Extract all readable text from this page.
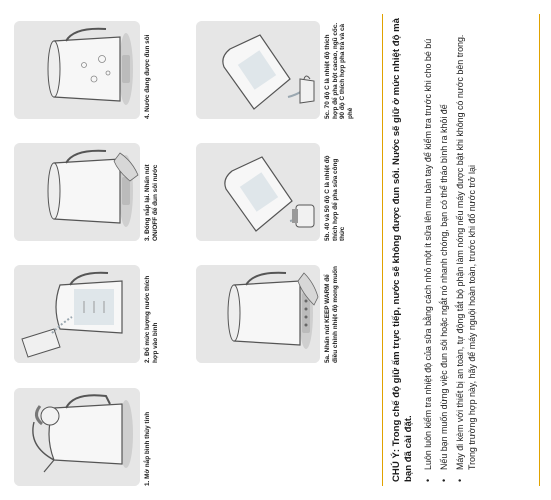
1. Mở nắp bình thủy tinh
2. Đổ mức lượng nước thích hợp vào bình
3. Đóng nắp lại. Nhấn nút ON/OFF để đun sôi nước
4. Nước đang được đun sôi
5a. Nhấn nút KEEP WARM để điều chỉnh nhiệt độ mong muốn
5b. 40 và 50 độ C là nhiệt độ thích hợp để pha sữa công thức
5c. 70 độ C là nhiệt độ thích hợp để pha bột cacao, ngũ cốc. 90 độ C thích hợp pha trà và cà phê	CHÚ Ý: Trong chế độ giữ ấm trực tiếp, nước sẽ không được đun sôi. Nước sẽ giữ ở mức nhiệt độ mà bạn đã cài đặt. •
Luôn luôn kiểm tra nhiệt độ của sữa bằng cách nhỏ một ít sữa lên mu bàn tay để kiểm tra trước khi cho bé bú
•
Nếu bạn muốn dừng việc đun sôi hoặc ngắt nó nhanh chóng, bạn có thể tháo bình ra khỏi đế
•
Máy đi kèm với thiết bị an toàn, tự động tắt bộ phận làm nóng nếu máy được bật khi không có nước bên trong. Trong trường hợp này, hãy để máy nguội hoàn toàn, trước khi đổ nước trở lại
